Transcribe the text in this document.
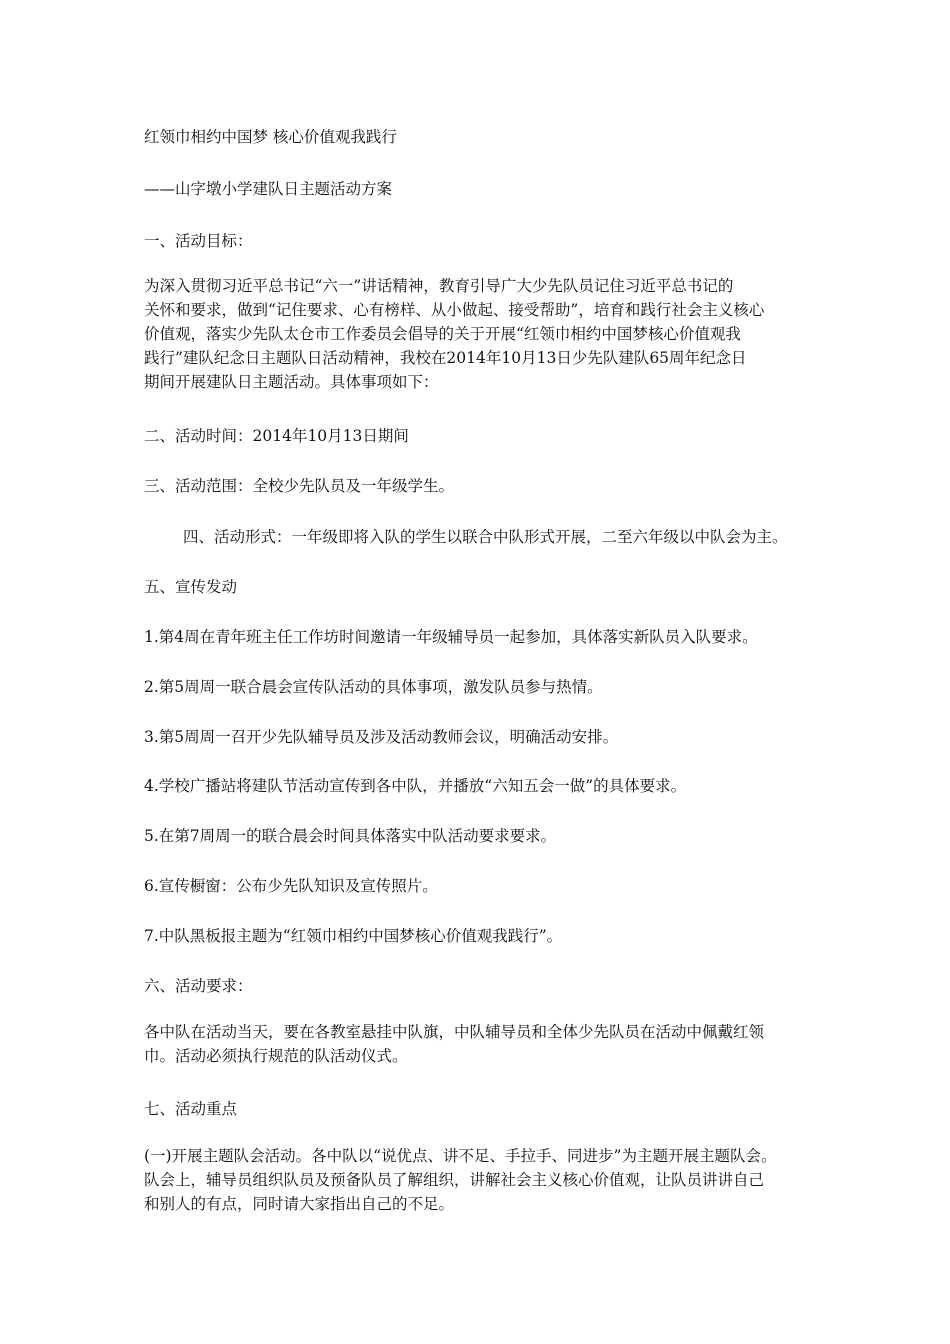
红领巾相约中国梦 核心价值观我践行
——山字墩小学建队日主题活动方案
一、活动目标：
为深入贯彻习近平总书记“六一”讲话精神，教育引导广大少先队员记住习近平总书记的
关怀和要求，做到“记住要求、心有榜样、从小做起、接受帮助”，培育和践行社会主义核心
价值观，落实少先队太仓市工作委员会倡导的关于开展“红领巾相约中国梦核心价值观我
践行”建队纪念日主题队日活动精神，我校在2014年10月13日少先队建队65周年纪念日
期间开展建队日主题活动。具体事项如下：
二、活动时间：2014年10月13日期间
三、活动范围：全校少先队员及一年级学生。
四、活动形式：一年级即将入队的学生以联合中队形式开展，二至六年级以中队会为主。
五、宣传发动
1.第4周在青年班主任工作坊时间邀请一年级辅导员一起参加，具体落实新队员入队要求。
2.第5周周一联合晨会宣传队活动的具体事项，激发队员参与热情。
3.第5周周一召开少先队辅导员及涉及活动教师会议，明确活动安排。
4.学校广播站将建队节活动宣传到各中队，并播放“六知五会一做”的具体要求。
5.在第7周周一的联合晨会时间具体落实中队活动要求要求。
6.宣传橱窗：公布少先队知识及宣传照片。
7.中队黑板报主题为“红领巾相约中国梦核心价值观我践行”。
六、活动要求：
各中队在活动当天，要在各教室悬挂中队旗，中队辅导员和全体少先队员在活动中佩戴红领
巾。活动必须执行规范的队活动仪式。
七、活动重点
(一)开展主题队会活动。各中队以“说优点、讲不足、手拉手、同进步”为主题开展主题队会。
队会上，辅导员组织队员及预备队员了解组织，讲解社会主义核心价值观，让队员讲讲自己
和别人的有点，同时请大家指出自己的不足。
